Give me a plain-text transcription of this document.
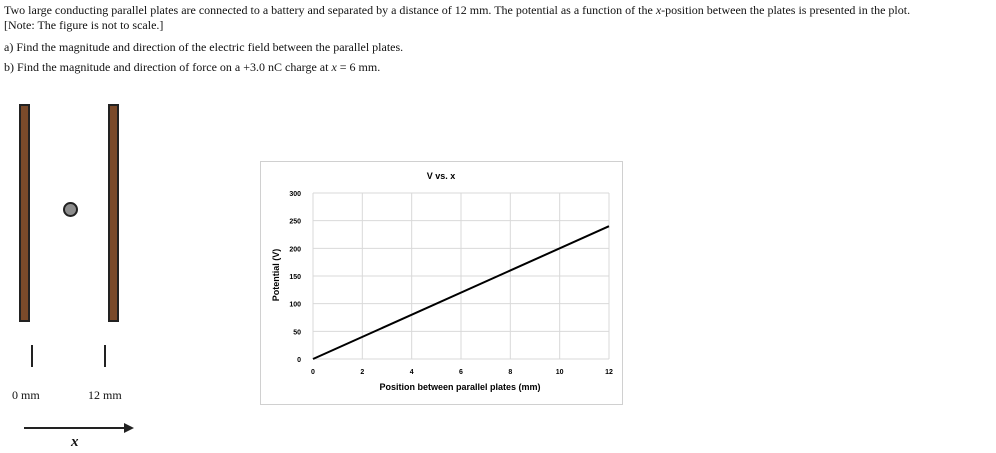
Two large conducting parallel plates are connected to a battery and separated by a distance of 12 mm. The potential as a function of the x-position between the plates is presented in the plot.
[Note: The figure is not to scale.]
a) Find the magnitude and direction of the electric field between the parallel plates.
b) Find the magnitude and direction of force on a +3.0 nC charge at x = 6 mm.
0 mm	12 mm
x
0
50
100
150
200
250
300
0	2	4	6	8	10	12
V vs. x
Position between parallel plates (mm)
Potential (V)
